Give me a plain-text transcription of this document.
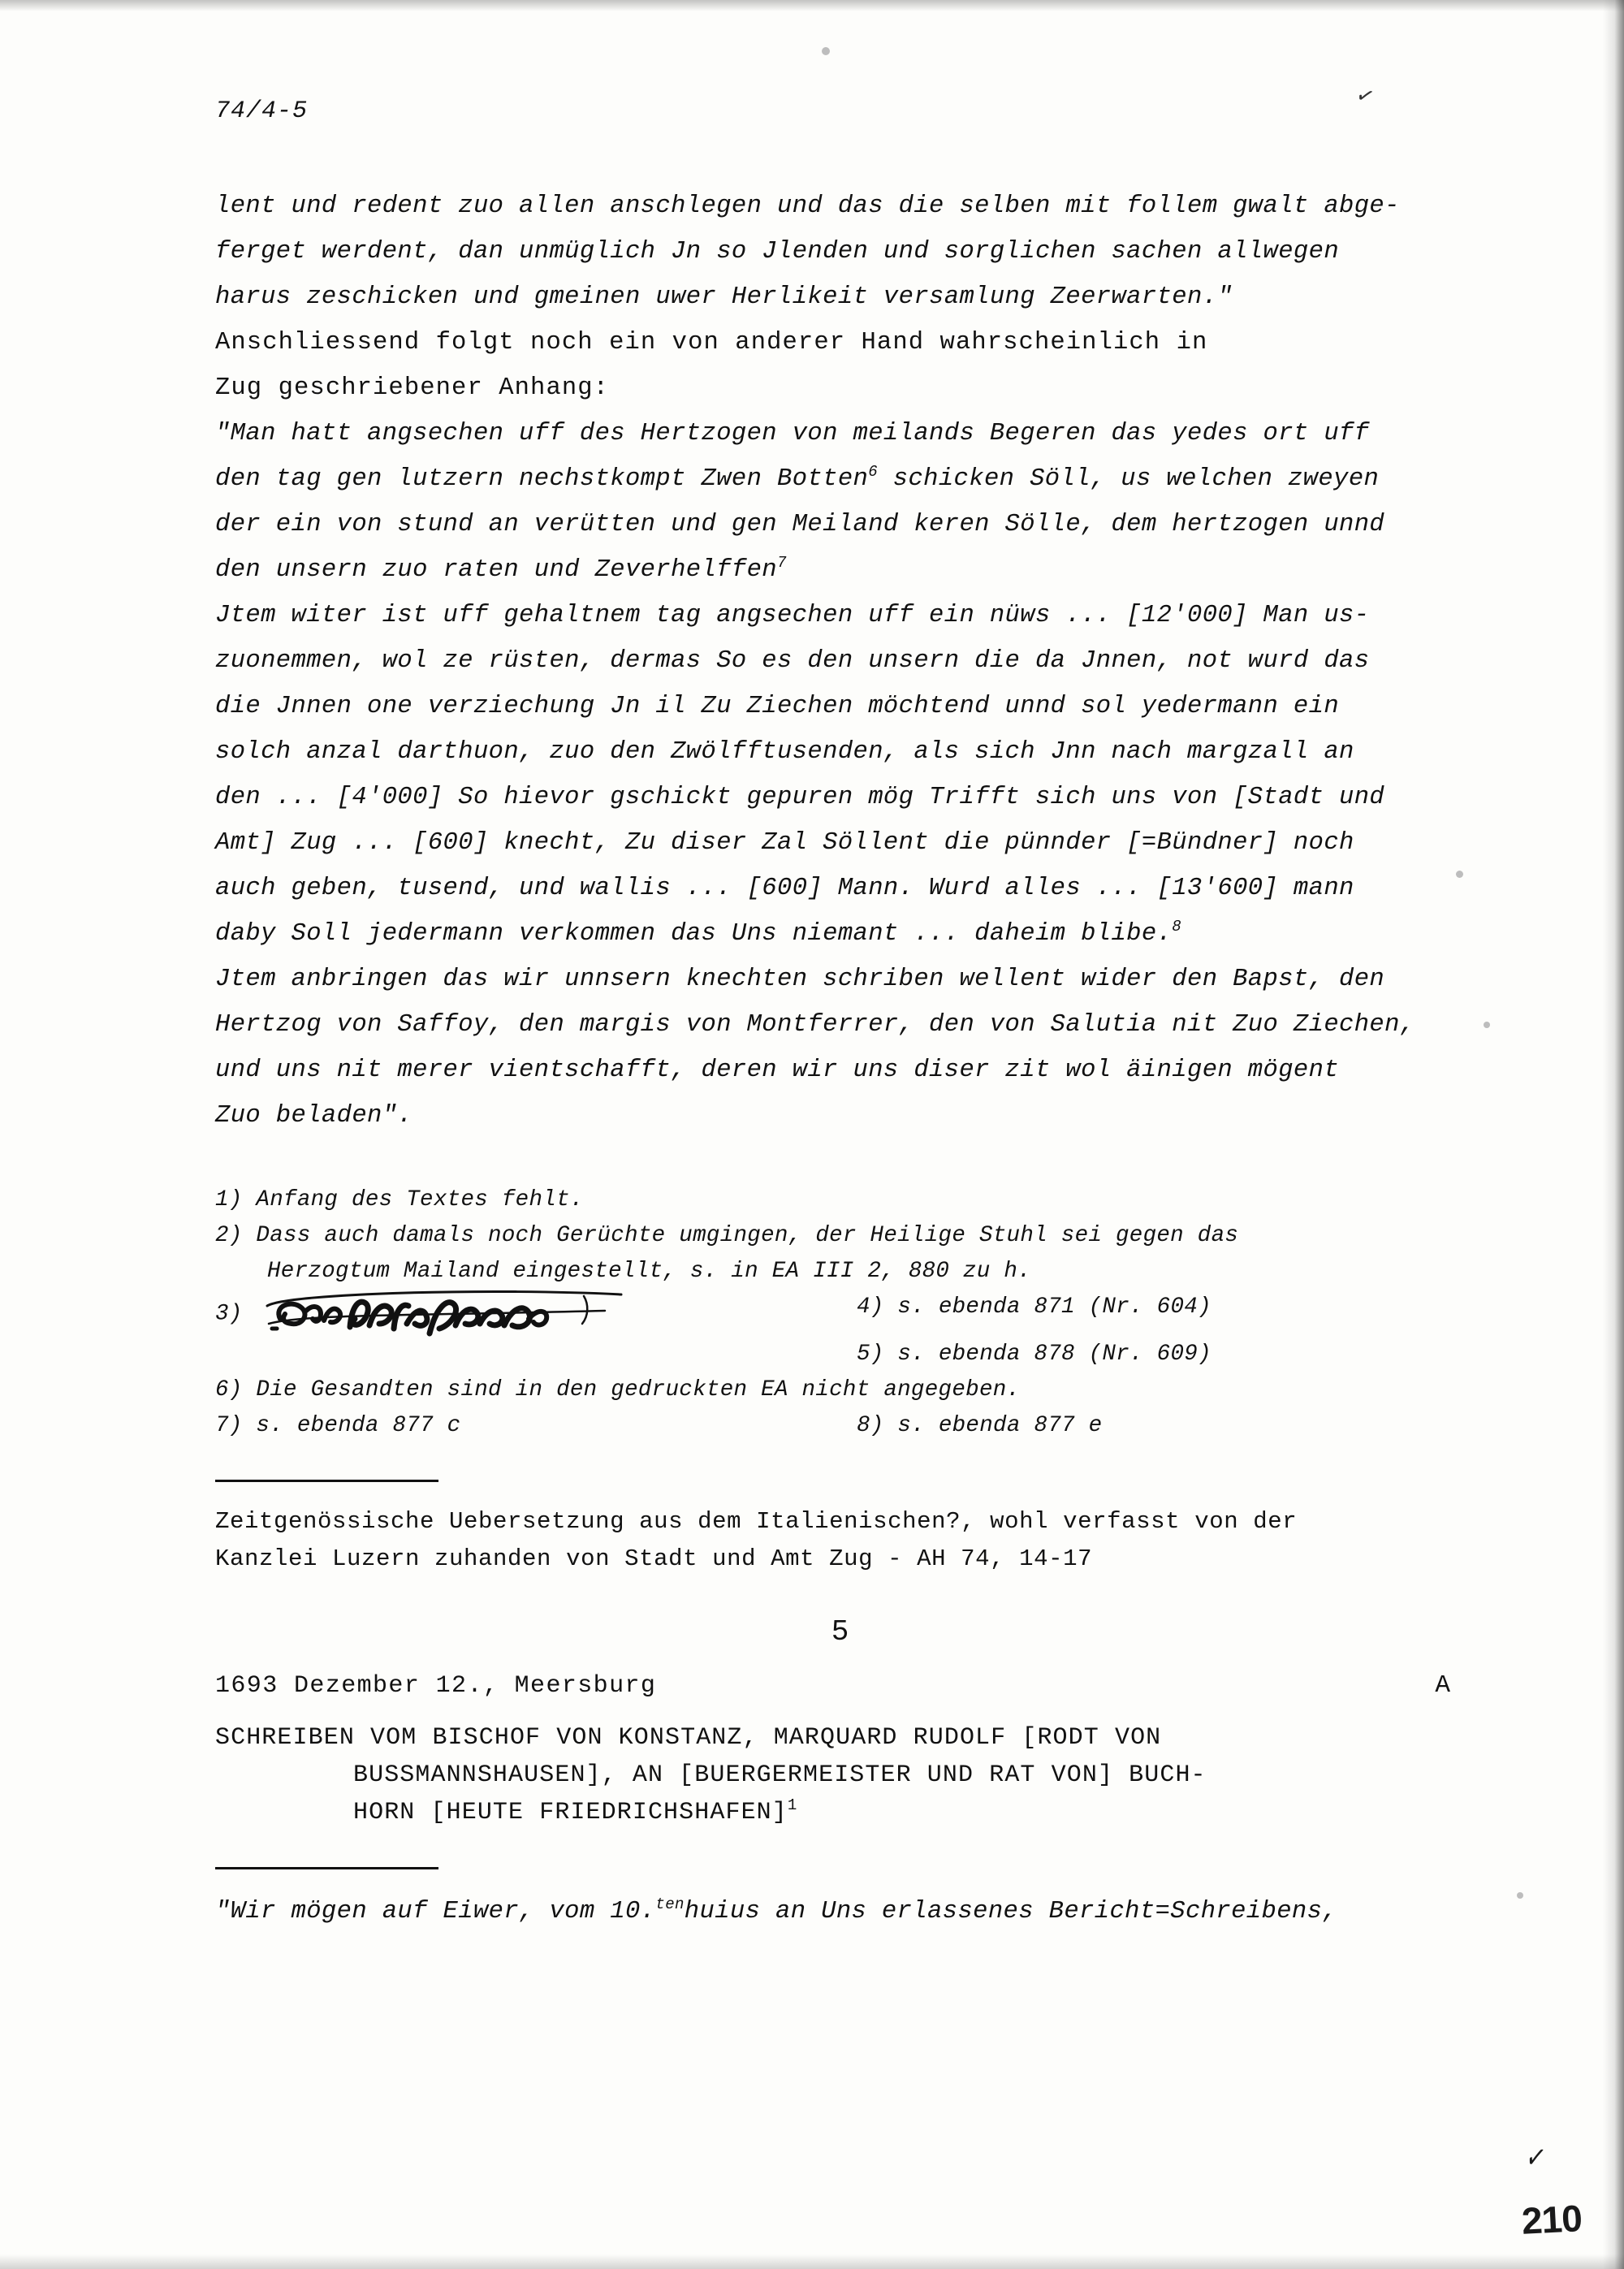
✓
74/4-5
lent und redent zuo allen anschlegen und das die selben mit follem gwalt abge-
ferget werdent, dan unmüglich Jn so Jlenden und sorglichen sachen allwegen
harus zeschicken und gmeinen uwer Herlikeit versamlung Zeerwarten."
Anschliessend folgt noch ein von anderer Hand wahrscheinlich in
Zug geschriebener Anhang:
"Man hatt angsechen uff des Hertzogen von meilands Begeren das yedes ort uff
den tag gen lutzern nechstkompt Zwen Botten$^6$ schicken Söll, us welchen zweyen
der ein von stund an verütten und gen Meiland keren Sölle, dem hertzogen unnd
den unsern zuo raten und Zeverhelffen$^7$
Jtem witer ist uff gehaltnem tag angsechen uff ein nüws ... [12'000] Man us-
zuonemmen, wol ze rüsten, dermas So es den unsern die da Jnnen, not wurd das
die Jnnen one verziechung Jn il Zu Ziechen möchtend unnd sol yedermann ein
solch anzal darthuon, zuo den Zwölfftusenden, als sich Jnn nach margzall an
den ... [4'000] So hievor gschickt gepuren mög Trifft sich uns von [Stadt und
Amt] Zug ... [600] knecht, Zu diser Zal Söllent die pünnder [=Bündner] noch
auch geben, tusend, und wallis ... [600] Mann. Wurd alles ... [13'600] mann
daby Soll jedermann verkommen das Uns niemant ... daheim blibe.$^8$
Jtem anbringen das wir unnsern knechten schriben wellent wider den Bapst, den
Hertzog von Saffoy, den margis von Montferrer, den von Salutia nit Zuo Ziechen,
und uns nit merer vientschafft, deren wir uns diser zit wol äinigen mögent
Zuo beladen".
1) Anfang des Textes fehlt.
2) Dass auch damals noch Gerüchte umgingen, der Heilige Stuhl sei gegen das
Herzogtum Mailand eingestellt, s. in EA III 2, 880 zu h.
3)	4) s. ebenda 871 (Nr. 604)
5) s. ebenda 878 (Nr. 609)
6) Die Gesandten sind in den gedruckten EA nicht angegeben.
7) s. ebenda 877 c	8) s. ebenda 877 e
Zeitgenössische Uebersetzung aus dem Italienischen?, wohl verfasst von der
Kanzlei Luzern zuhanden von Stadt und Amt Zug - AH 74, 14-17
5
1693 Dezember 12., Meersburg	A
SCHREIBEN VOM BISCHOF VON KONSTANZ, MARQUARD RUDOLF [RODT VON
BUSSMANNSHAUSEN], AN [BUERGERMEISTER UND RAT VON] BUCH-
HORN [HEUTE FRIEDRICHSHAFEN]$^1$
"Wir mögen auf Eiwer, vom 10.$^{ten}$huius an Uns erlassenes Bericht=Schreibens,
✓
210
